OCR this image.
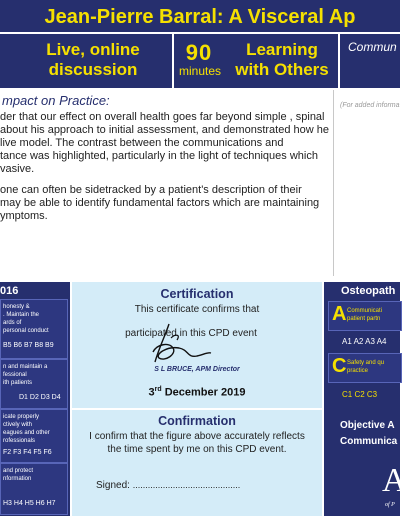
Jean-Pierre Barral: A Visceral Ap
Live, online
discussion
90
minutes
Learning
with Others
Commun
mpact on Practice:	(For added informa
der that our effect on overall health goes far beyond simple , spinal
about his approach to initial assessment, and demonstrated how he
live model. The contrast between the communications and
tance was highlighted, particularly in the light of techniques which
vasive.
one can often be sidetracked by a patient's description of their
may be able to identify fundamental factors which are maintaining
ymptoms.
016
honesty &
. Maintain the
ards of
personal conduct
B5 B6 B7 B8 B9
n and maintain a
fessional
ith patients
D1 D2 D3 D4
icate properly
ctively with
eagues and other
rofessionals
F2 F3 F4 F5 F6
and protect
nformation
H3 H4 H5 H6 H7
Certification
This certificate confirms that
participated in this CPD event
S L BRUCE, APM Director
3rd December 2019
Confirmation
I confirm that the figure above accurately reflects
the time spent by me on this CPD event.
Signed: ...........................................
Osteopath
A Communicati
patient partn
A1 A2 A3 A4
C Safety and qu
practice
C1 C2 C3
Objective A
Communica
A
of P
